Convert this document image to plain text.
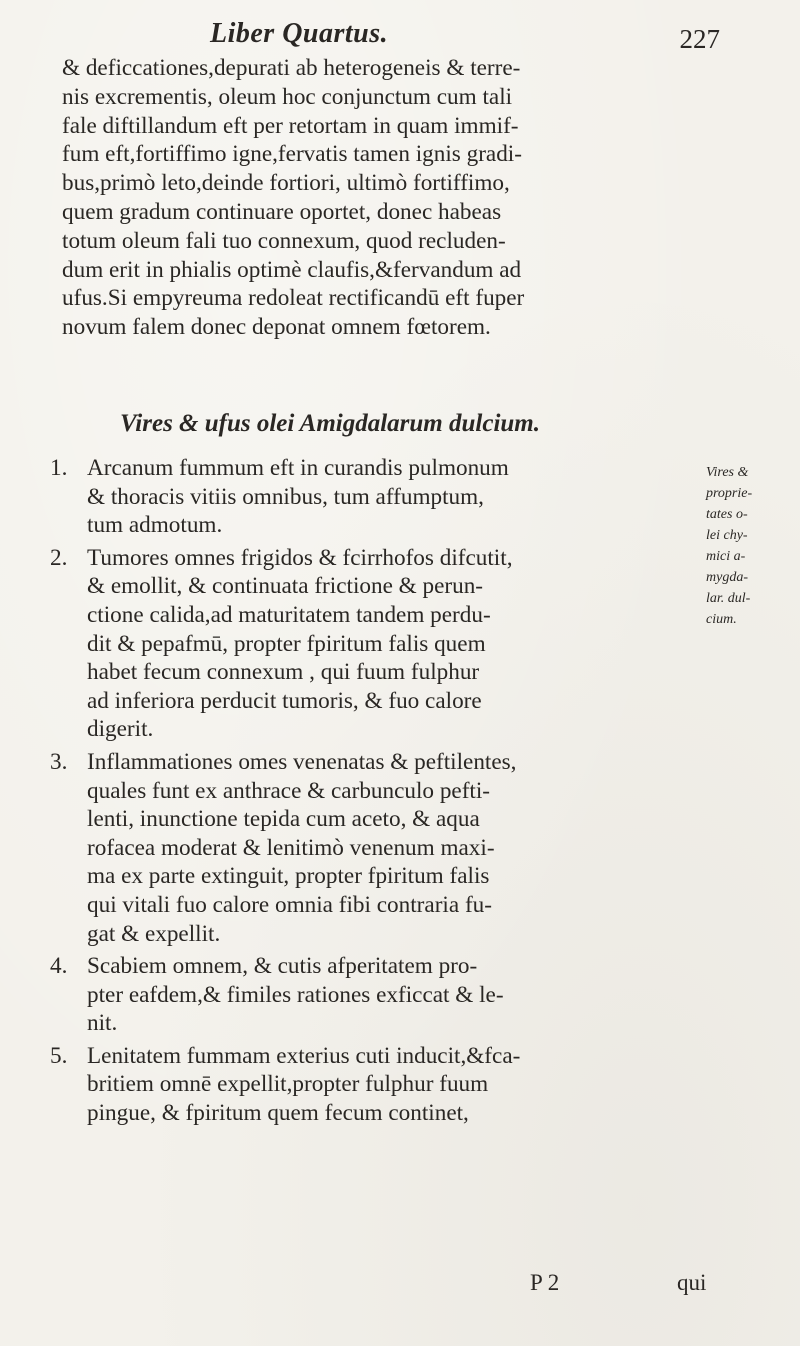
Liber Quartus.	227
& deficcationes,depurati ab heterogeneis & terre-
nis excrementis, oleum hoc conjunctum cum tali
fale diftillandum eft per retortam in quam immif-
fum eft,fortiffimo igne,fervatis tamen ignis gradi-
bus,primò leto,deinde fortiori, ultimò fortiffimo,
quem gradum continuare oportet, donec habeas
totum oleum fali tuo connexum, quod recluden-
dum erit in phialis optimè claufis,&fervandum ad
ufus.Si empyreuma redoleat rectificandū eft fuper
novum falem donec deponat omnem fœtorem.
Vires & ufus olei Amigdalarum dulcium.
1. Arcanum fummum eft in curandis pulmonum
& thoracis vitiis omnibus, tum affumptum,
tum admotum.
2. Tumores omnes frigidos & fcirrhofos difcutit,
& emollit, & continuata frictione & perun-
ctione calida,ad maturitatem tandem perdu-
dit & pepafmū, propter fpiritum falis quem
habet fecum connexum , qui fuum fulphur
ad inferiora perducit tumoris, & fuo calore
digerit.
3. Inflammationes omes venenatas & peftilentes,
quales funt ex anthrace & carbunculo pefti-
lenti, inunctione tepida cum aceto, & aqua
rofacea moderat & lenitimò venenum maxi-
ma ex parte extinguit, propter fpiritum falis
qui vitali fuo calore omnia fibi contraria fu-
gat & expellit.
4. Scabiem omnem, & cutis afperitatem pro-
pter eafdem,& fimiles rationes exficcat & le-
nit.
5. Lenitatem fummam exterius cuti inducit,&fca-
britiem omnē expellit,propter fulphur fuum
pingue, & fpiritum quem fecum continet,
Vires &
proprie-
tates o-
lei chy-
mici a-
mygda-
lar. dul-
cium.
P 2	qui
